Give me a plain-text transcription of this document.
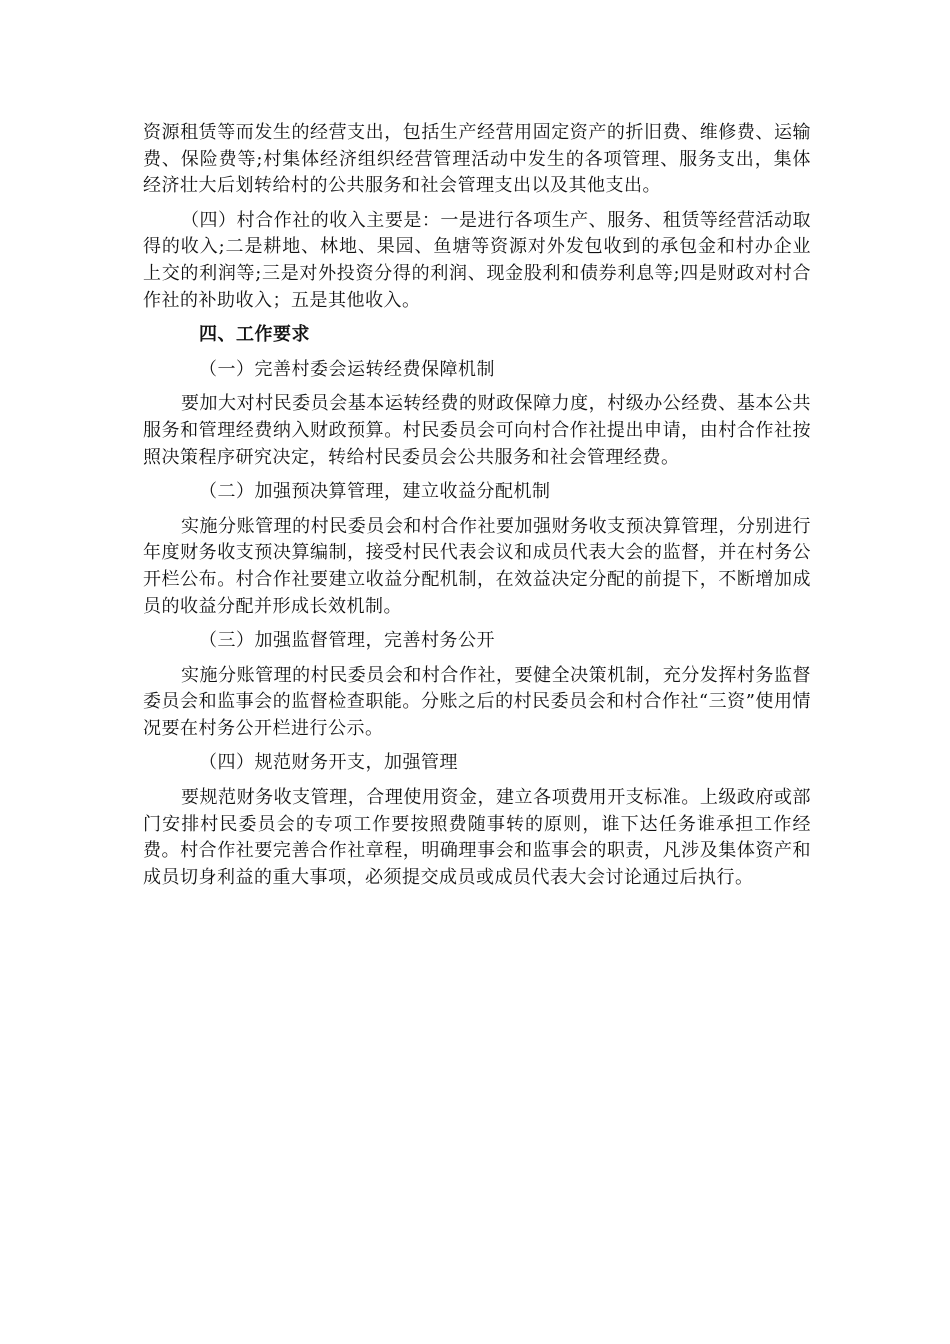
资源租赁等而发生的经营支出，包括生产经营用固定资产的折旧费、维修费、运输费、保险费等;村集体经济组织经营管理活动中发生的各项管理、服务支出，集体经济壮大后划转给村的公共服务和社会管理支出以及其他支出。

（四）村合作社的收入主要是：一是进行各项生产、服务、租赁等经营活动取得的收入;二是耕地、林地、果园、鱼塘等资源对外发包收到的承包金和村办企业上交的利润等;三是对外投资分得的利润、现金股利和债券利息等;四是财政对村合作社的补助收入；五是其他收入。

四、工作要求

（一）完善村委会运转经费保障机制

要加大对村民委员会基本运转经费的财政保障力度，村级办公经费、基本公共服务和管理经费纳入财政预算。村民委员会可向村合作社提出申请，由村合作社按照决策程序研究决定，转给村民委员会公共服务和社会管理经费。

（二）加强预决算管理，建立收益分配机制

实施分账管理的村民委员会和村合作社要加强财务收支预决算管理，分别进行年度财务收支预决算编制，接受村民代表会议和成员代表大会的监督，并在村务公开栏公布。村合作社要建立收益分配机制，在效益决定分配的前提下，不断增加成员的收益分配并形成长效机制。

（三）加强监督管理，完善村务公开

实施分账管理的村民委员会和村合作社，要健全决策机制，充分发挥村务监督委员会和监事会的监督检查职能。分账之后的村民委员会和村合作社“三资”使用情况要在村务公开栏进行公示。

（四）规范财务开支，加强管理

要规范财务收支管理，合理使用资金，建立各项费用开支标准。上级政府或部门安排村民委员会的专项工作要按照费随事转的原则，谁下达任务谁承担工作经费。村合作社要完善合作社章程，明确理事会和监事会的职责，凡涉及集体资产和成员切身利益的重大事项，必须提交成员或成员代表大会讨论通过后执行。
